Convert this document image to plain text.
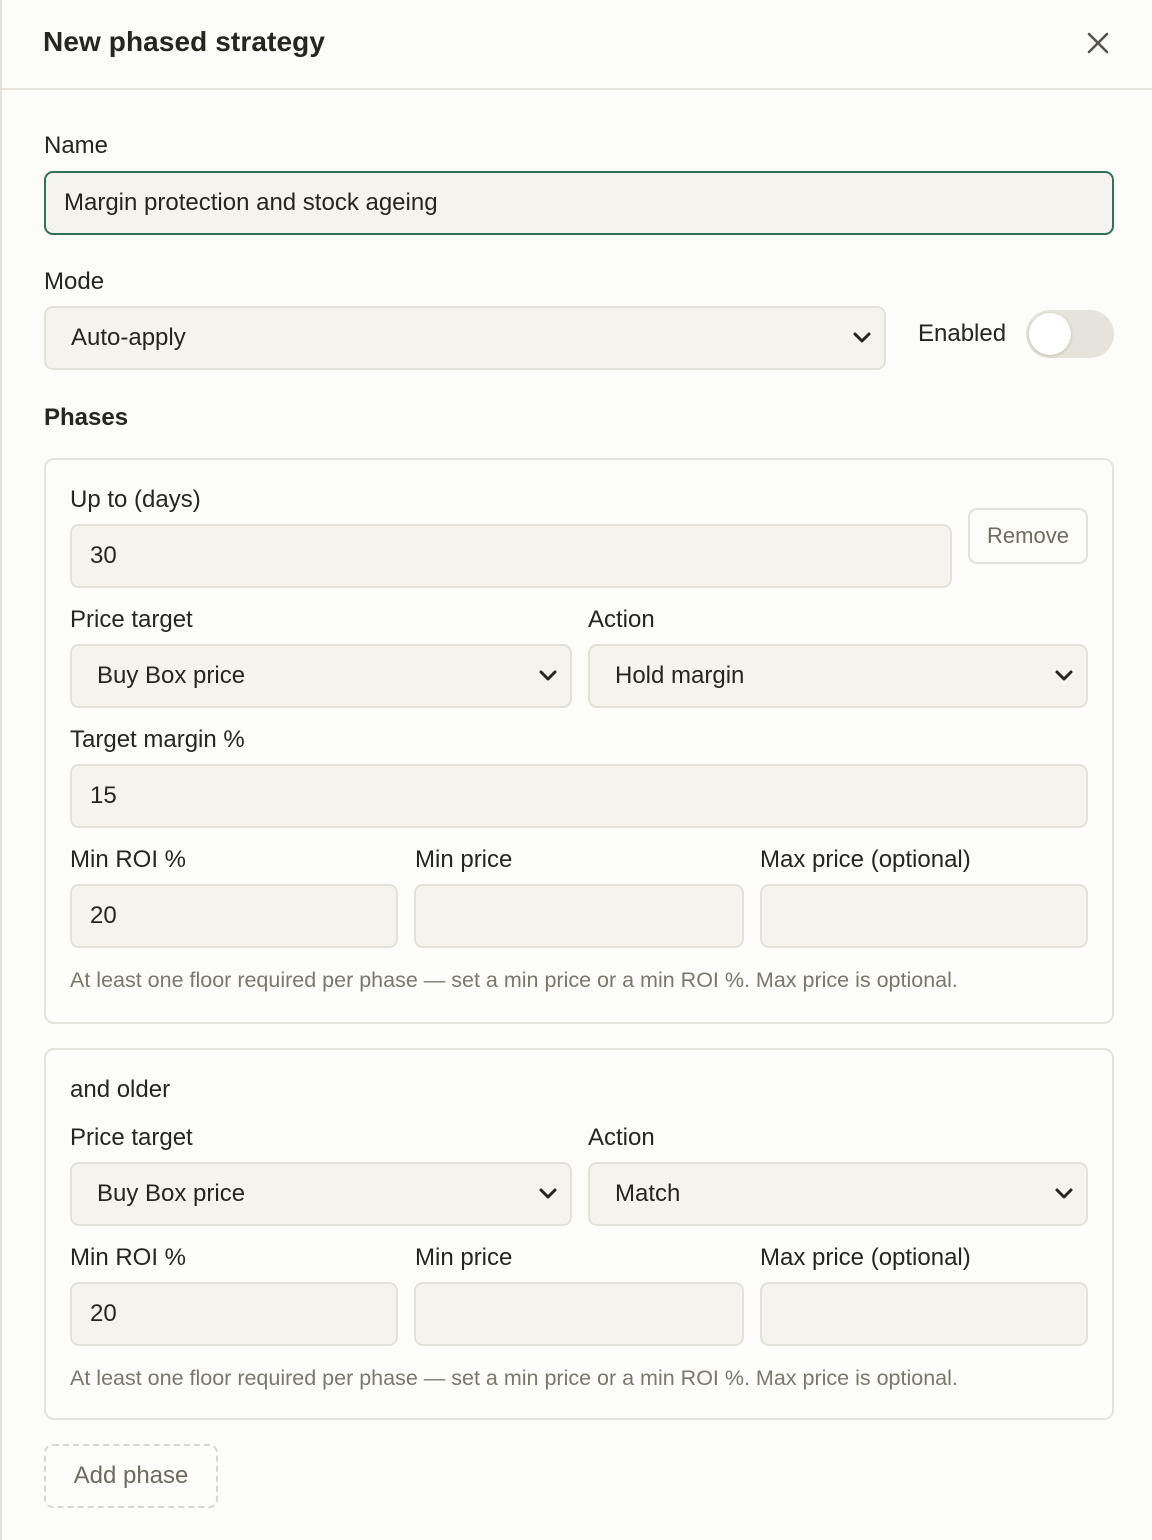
New phased strategy
Name
Margin protection and stock ageing
Mode
Auto-apply	Enabled
Phases
Up to (days)
30
Remove
Price target	Action
Buy Box price	Hold margin
Target margin %
15
Min ROI %	Min price	Max price (optional)
20
At least one floor required per phase — set a min price or a min ROI %. Max price is optional.
and older
Price target	Action
Buy Box price	Match
Min ROI %	Min price	Max price (optional)
20
At least one floor required per phase — set a min price or a min ROI %. Max price is optional.
Add phase
